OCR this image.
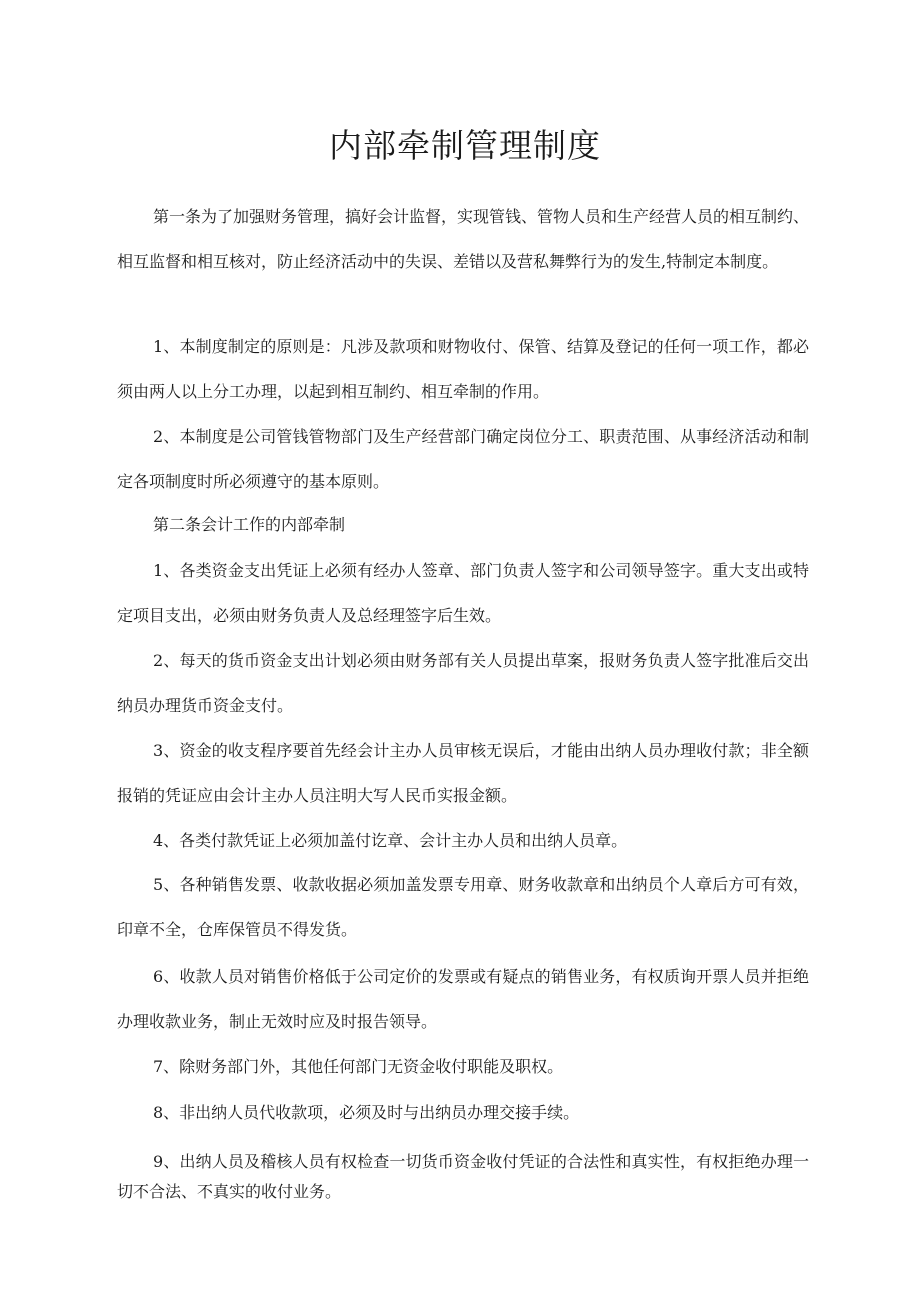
内部牵制管理制度

第一条为了加强财务管理，搞好会计监督，实现管钱、管物人员和生产经营人员的相互制约、相互监督和相互核对，防止经济活动中的失误、差错以及营私舞弊行为的发生,特制定本制度。

1、本制度制定的原则是：凡涉及款项和财物收付、保管、结算及登记的任何一项工作，都必须由两人以上分工办理，以起到相互制约、相互牵制的作用。

2、本制度是公司管钱管物部门及生产经营部门确定岗位分工、职责范围、从事经济活动和制定各项制度时所必须遵守的基本原则。

第二条会计工作的内部牵制

1、各类资金支出凭证上必须有经办人签章、部门负责人签字和公司领导签字。重大支出或特定项目支出，必须由财务负责人及总经理签字后生效。

2、每天的货币资金支出计划必须由财务部有关人员提出草案，报财务负责人签字批准后交出纳员办理货币资金支付。

3、资金的收支程序要首先经会计主办人员审核无误后，才能由出纳人员办理收付款；非全额报销的凭证应由会计主办人员注明大写人民币实报金额。

4、各类付款凭证上必须加盖付讫章、会计主办人员和出纳人员章。

5、各种销售发票、收款收据必须加盖发票专用章、财务收款章和出纳员个人章后方可有效，印章不全，仓库保管员不得发货。

6、收款人员对销售价格低于公司定价的发票或有疑点的销售业务，有权质询开票人员并拒绝办理收款业务，制止无效时应及时报告领导。

7、除财务部门外，其他任何部门无资金收付职能及职权。

8、非出纳人员代收款项，必须及时与出纳员办理交接手续。

9、出纳人员及稽核人员有权检查一切货币资金收付凭证的合法性和真实性，有权拒绝办理一切不合法、不真实的收付业务。
